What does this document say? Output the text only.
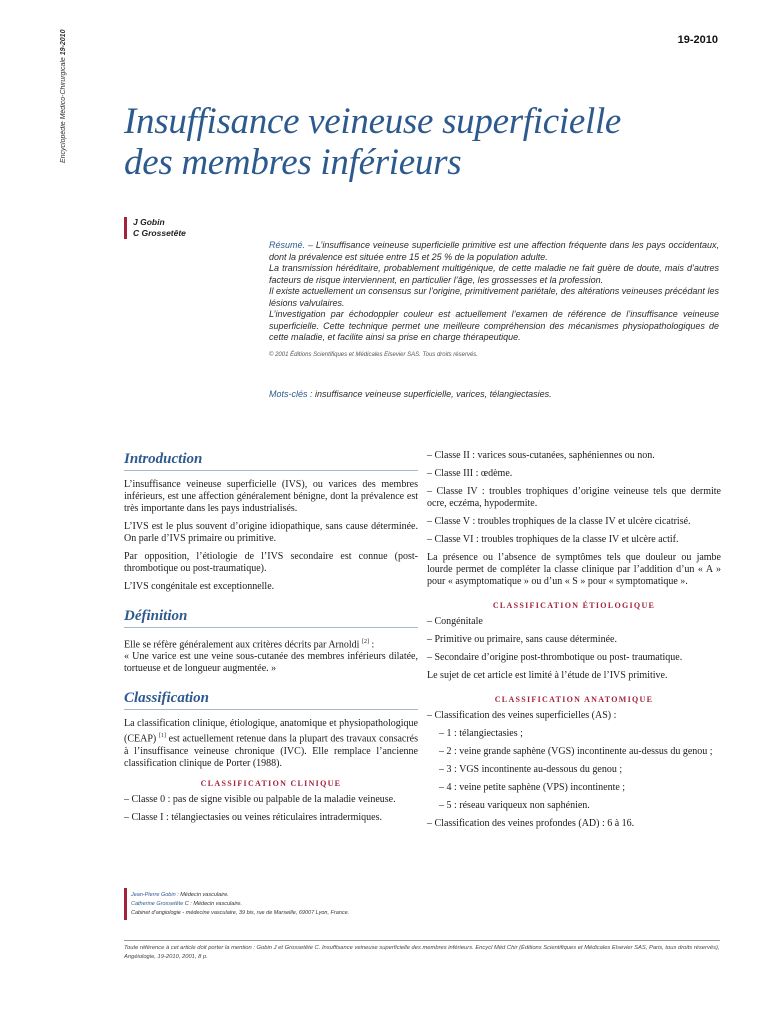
Encyclopédie Médico-Chirurgicale 19-2010	19-2010
Insuffisance veineuse superficielle
des membres inférieurs
J Gobin
C Grossetête

Résumé. – L’insuffisance veineuse superficielle primitive est une affection fréquente dans les pays occidentaux, dont la prévalence est située entre 15 et 25 % de la population adulte.

La transmission héréditaire, probablement multigénique, de cette maladie ne fait guère de doute, mais d’autres facteurs de risque interviennent, en particulier l’âge, les grossesses et la profession.

Il existe actuellement un consensus sur l’origine, primitivement pariétale, des altérations veineuses précédant les lésions valvulaires.

L’investigation par échodoppler couleur est actuellement l’examen de référence de l’insuffisance veineuse superficielle. Cette technique permet une meilleure compréhension des mécanismes physiopathologiques de cette maladie, et facilite ainsi sa prise en charge thérapeutique.

© 2001 Éditions Scientifiques et Médicales Elsevier SAS. Tous droits réservés.

Mots-clés : insuffisance veineuse superficielle, varices, télangiectasies.
Introduction

L’insuffisance veineuse superficielle (IVS), ou varices des membres inférieurs, est une affection généralement bénigne, dont la prévalence est très importante dans les pays industrialisés.

L’IVS est le plus souvent d’origine idiopathique, sans cause déterminée. On parle d’IVS primaire ou primitive.

Par opposition, l’étiologie de l’IVS secondaire est connue (post-thrombotique ou post-traumatique).

L’IVS congénitale est exceptionnelle.

Définition

Elle se réfère généralement aux critères décrits par Arnoldi [2] :

« Une varice est une veine sous-cutanée des membres inférieurs dilatée, tortueuse et de longueur augmentée. »

Classification

La classification clinique, étiologique, anatomique et physiopathologique (CEAP) [1] est actuellement retenue dans la plupart des travaux consacrés à l’insuffisance veineuse chronique (IVC). Elle remplace l’ancienne classification clinique de Porter (1988).

CLASSIFICATION CLINIQUE
– Classe 0 : pas de signe visible ou palpable de la maladie veineuse.
– Classe I : télangiectasies ou veines réticulaires intradermiques.
– Classe II : varices sous-cutanées, saphéniennes ou non.
– Classe III : œdème.
– Classe IV : troubles trophiques d’origine veineuse tels que dermite ocre, eczéma, hypodermite.
– Classe V : troubles trophiques de la classe IV et ulcère cicatrisé.
– Classe VI : troubles trophiques de la classe IV et ulcère actif.

La présence ou l’absence de symptômes tels que douleur ou jambe lourde permet de compléter la classe clinique par l’addition d’un « A » pour « asymptomatique » ou d’un « S » pour « symptomatique ».

CLASSIFICATION ÉTIOLOGIQUE
– Congénitale
– Primitive ou primaire, sans cause déterminée.
– Secondaire d’origine post-thrombotique ou post- traumatique.

Le sujet de cet article est limité à l’étude de l’IVS primitive.

CLASSIFICATION ANATOMIQUE
– Classification des veines superficielles (AS) :
– 1 : télangiectasies ;
– 2 : veine grande saphène (VGS) incontinente au-dessus du genou ;
– 3 : VGS incontinente au-dessous du genou ;
– 4 : veine petite saphène (VPS) incontinente ;
– 5 : réseau variqueux non saphénien.
– Classification des veines profondes (AD) : 6 à 16.
Jean-Pierre Gobin : Médecin vasculaire.
Catherine Grossetête C : Médecin vasculaire.
Cabinet d’angiologie - médecine vasculaire, 39 bis, rue de Marseille, 69007 Lyon, France.
Toute référence à cet article doit porter la mention : Gobin J et Grossetête C. Insuffisance veineuse superficielle des membres inférieurs. Encycl Méd Chir (Éditions Scientifiques et Médicales Elsevier SAS, Paris, tous droits réservés), Angéiologie, 19-2010, 2001, 8 p.
